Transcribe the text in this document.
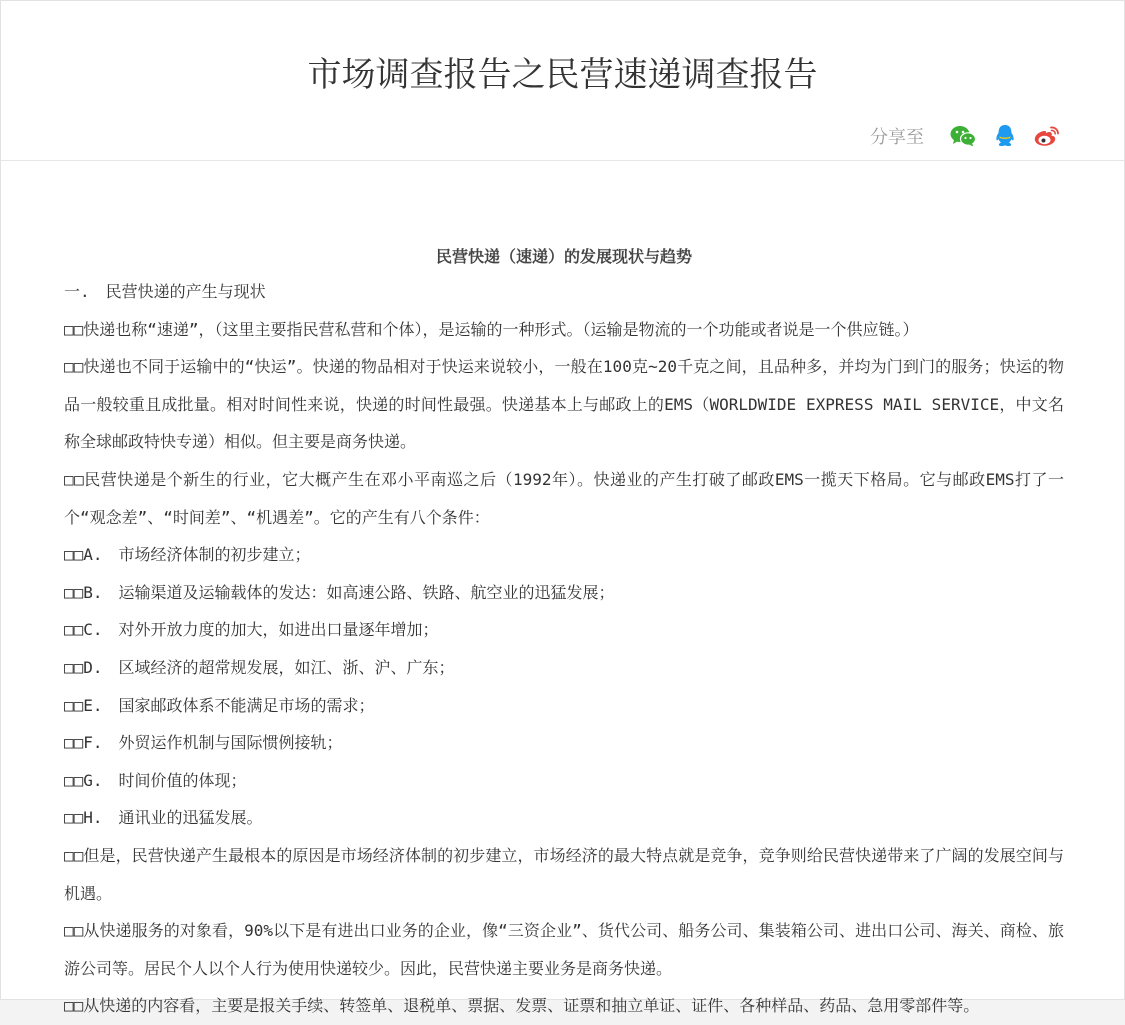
市场调查报告之民营速递调查报告
分享至
民营快递（速递）的发展现状与趋势
一.　民营快递的产生与现状

□□快递也称“速递”，（这里主要指民营私营和个体），是运输的一种形式。（运输是物流的一个功能或者说是一个供应链。）

□□快递也不同于运输中的“快运”。快递的物品相对于快运来说较小，一般在100克~20千克之间，且品种多，并均为门到门的服务；快运的物品一般较重且成批量。相对时间性来说，快递的时间性最强。快递基本上与邮政上的EMS（WORLDWIDE EXPRESS MAIL SERVICE，中文名称全球邮政特快专递）相似。但主要是商务快递。

□□民营快递是个新生的行业，它大概产生在邓小平南巡之后（1992年）。快递业的产生打破了邮政EMS一揽天下格局。它与邮政EMS打了一个“观念差”、“时间差”、“机遇差”。它的产生有八个条件：

□□A.　市场经济体制的初步建立；

□□B.　运输渠道及运输载体的发达：如高速公路、铁路、航空业的迅猛发展；

□□C.　对外开放力度的加大，如进出口量逐年增加；

□□D.　区域经济的超常规发展，如江、浙、沪、广东；

□□E.　国家邮政体系不能满足市场的需求；

□□F.　外贸运作机制与国际惯例接轨；

□□G.　时间价值的体现；

□□H.　通讯业的迅猛发展。

□□但是，民营快递产生最根本的原因是市场经济体制的初步建立，市场经济的最大特点就是竞争，竞争则给民营快递带来了广阔的发展空间与机遇。

□□从快递服务的对象看，90%以下是有进出口业务的企业，像“三资企业”、货代公司、船务公司、集装箱公司、进出口公司、海关、商检、旅游公司等。居民个人以个人行为使用快递较少。因此，民营快递主要业务是商务快递。

□□从快递的内容看，主要是报关手续、转签单、退税单、票据、发票、证票和抽立单证、证件、各种样品、药品、急用零部件等。
